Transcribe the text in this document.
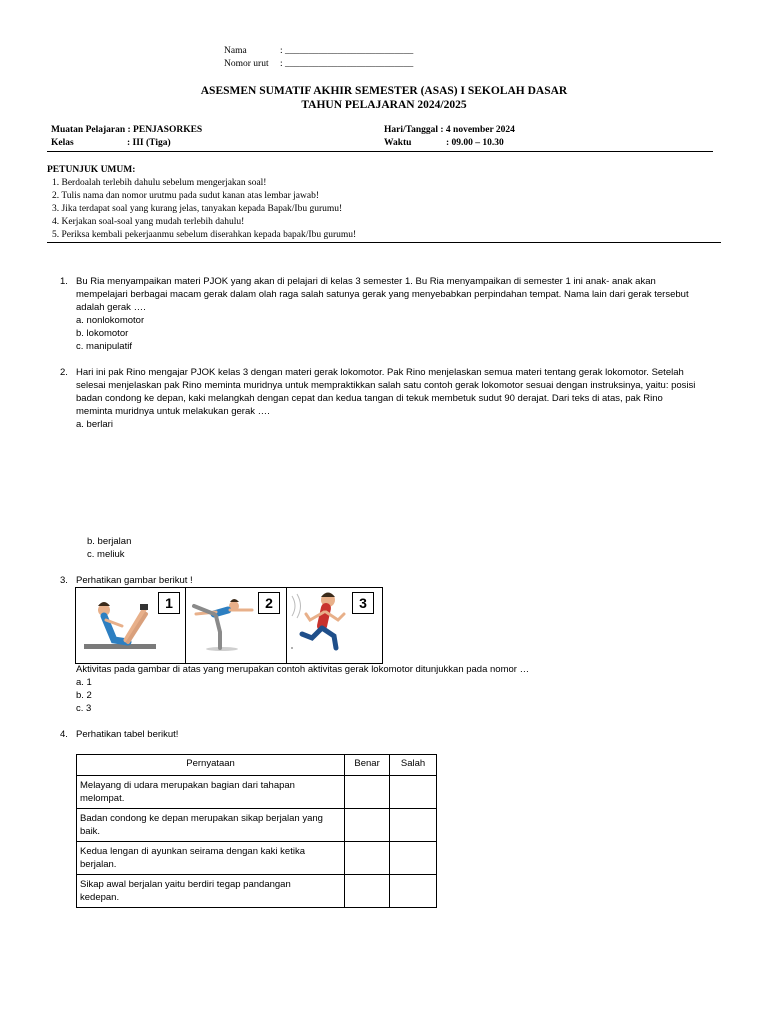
Nama	: ___________________________
Nomor urut : ___________________________
ASESMEN SUMATIF AKHIR SEMESTER (ASAS) I SEKOLAH DASAR
TAHUN PELAJARAN 2024/2025
Muatan Pelajaran : PENJASORKES
Kelas	: III (Tiga)
Hari/Tanggal : 4 november 2024
Waktu	: 09.00 – 10.30
PETUNJUK UMUM:
1. Berdoalah terlebih dahulu sebelum mengerjakan soal!
2. Tulis nama dan nomor urutmu pada sudut kanan atas lembar jawab!
3. Jika terdapat soal yang kurang jelas, tanyakan kepada Bapak/Ibu gurumu!
4. Kerjakan soal-soal yang mudah terlebih dahulu!
5. Periksa kembali pekerjaanmu sebelum diserahkan kepada bapak/Ibu gurumu!
1. Bu Ria menyampaikan materi PJOK yang akan di pelajari di kelas 3 semester 1. Bu Ria menyampaikan di semester 1 ini anak- anak akan
mempelajari berbagai macam gerak dalam olah raga salah satunya gerak yang menyebabkan perpindahan tempat. Nama lain dari gerak tersebut
adalah gerak ….
a. nonlokomotor
b. lokomotor
c. manipulatif
2. Hari ini pak Rino mengajar PJOK kelas 3 dengan materi gerak lokomotor. Pak Rino menjelaskan semua materi tentang gerak lokomotor. Setelah
selesai menjelaskan pak Rino meminta muridnya untuk mempraktikkan salah satu contoh gerak lokomotor sesuai dengan instruksinya, yaitu: posisi
badan condong ke depan, kaki melangkah dengan cepat dan kedua tangan di tekuk membetuk sudut 90 derajat. Dari teks di atas, pak Rino
meminta muridnya untuk melakukan gerak ….
a. berlari
b. berjalan
c. meliuk
3. Perhatikan gambar berikut !
1	2	3
Aktivitas pada gambar di atas yang merupakan contoh aktivitas gerak lokomotor ditunjukkan pada nomor …
a. 1
b. 2
c. 3
4. Perhatikan tabel berikut!
Pernyataan	Benar	Salah
Melayang di udara merupakan bagian dari tahapan
melompat.		
Badan condong ke depan merupakan sikap berjalan yang
baik.		
Kedua lengan di ayunkan seirama dengan kaki ketika
berjalan.		
Sikap awal berjalan yaitu berdiri tegap pandangan
kedepan.		
